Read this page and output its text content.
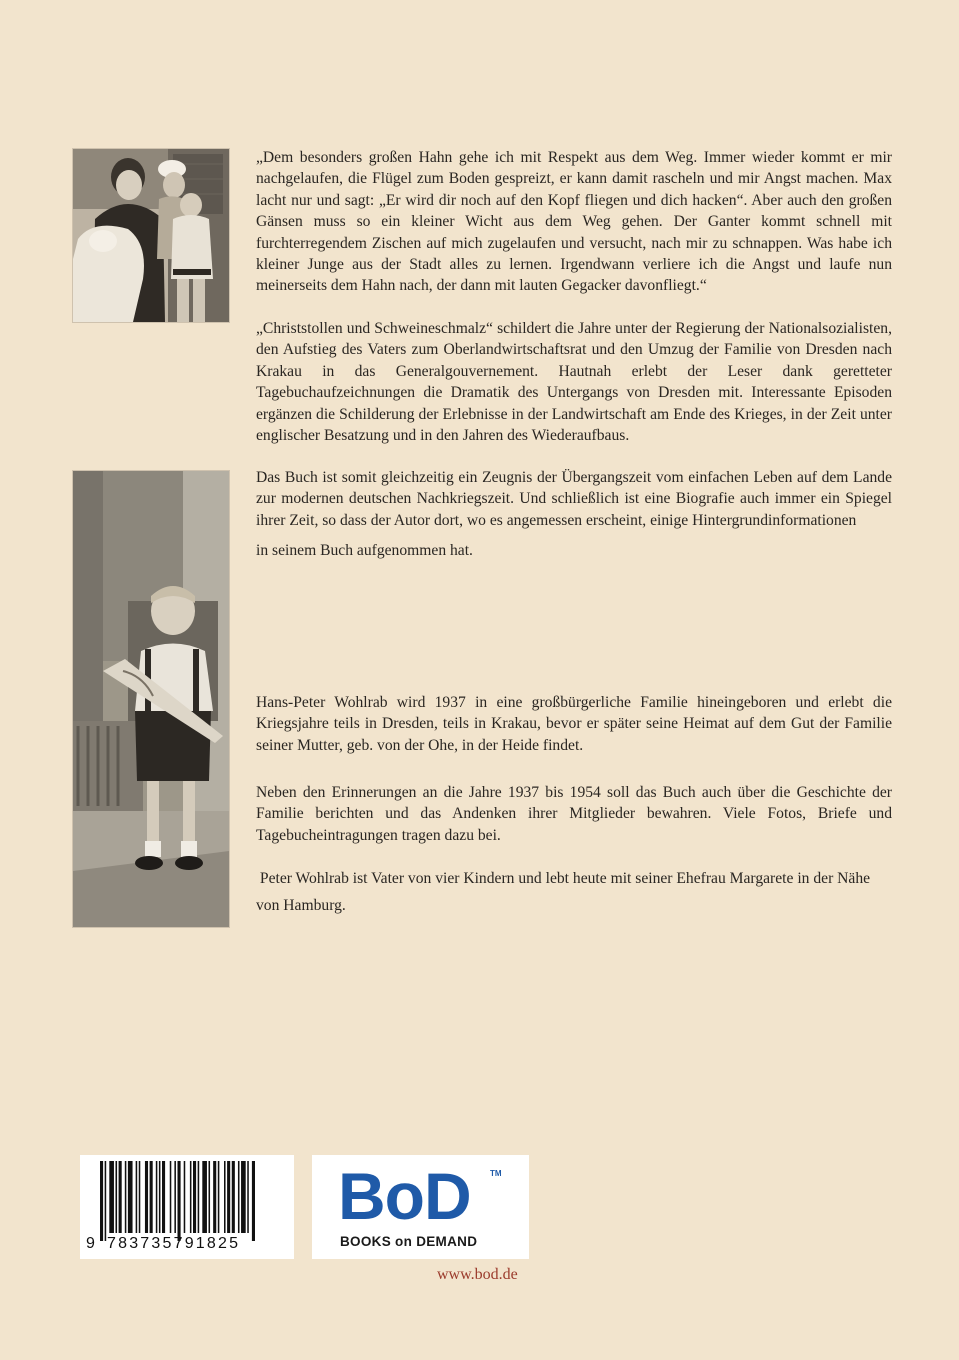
„Dem besonders großen Hahn gehe ich mit Respekt aus dem Weg. Immer wieder kommt er mir nachgelaufen, die Flügel zum Boden gespreizt, er kann damit rascheln und mir Angst machen. Max lacht nur und sagt: „Er wird dir noch auf den Kopf fliegen und dich hacken“. Aber auch den großen Gänsen muss so ein kleiner Wicht aus dem Weg gehen. Der Ganter kommt schnell mit furchterregendem Zischen auf mich zugelaufen und versucht, nach mir zu schnappen. Was habe ich kleiner Junge aus der Stadt alles zu lernen. Irgendwann verliere ich die Angst und laufe nun meinerseits dem Hahn nach, der dann mit lauten Gegacker davonfliegt.“

„Christstollen und Schweineschmalz“ schildert die Jahre unter der Regierung der Nationalsozialisten, den Aufstieg des Vaters zum Oberlandwirtschaftsrat und den Umzug der Familie von Dresden nach Krakau in das Generalgouvernement. Hautnah erlebt der Leser dank geretteter Tagebuchaufzeichnungen die Dramatik des Untergangs von Dresden mit. Interessante Episoden ergänzen die Schilderung der Erlebnisse in der Landwirtschaft am Ende des Krieges, in der Zeit unter englischer Besatzung und in den Jahren des Wiederaufbaus.

Das Buch ist somit gleichzeitig ein Zeugnis der Übergangszeit vom einfachen Leben auf dem Lande zur modernen deutschen Nachkriegszeit. Und schließlich ist eine Biografie auch immer ein Spiegel ihrer Zeit, so dass der Autor dort, wo es angemessen erscheint, einige Hintergrundinformationen

in seinem Buch aufgenommen hat.

Hans-Peter Wohlrab wird 1937 in eine großbürgerliche Familie hineingeboren und erlebt die Kriegsjahre teils in Dresden, teils in Krakau, bevor er später seine Heimat auf dem Gut der Familie seiner Mutter, geb. von der Ohe, in der Heide findet.

Neben den Erinnerungen an die Jahre 1937 bis 1954 soll das Buch auch über die Geschichte der Familie berichten und das Andenken ihrer Mitglieder bewahren. Viele Fotos, Briefe und Tagebucheintragungen tragen dazu bei.

Peter Wohlrab ist Vater von vier Kindern und lebt heute mit seiner Ehefrau Margarete in der Nähe

von Hamburg.

9 783735791825
BoD TM
BOOKS on DEMAND
www.bod.de
